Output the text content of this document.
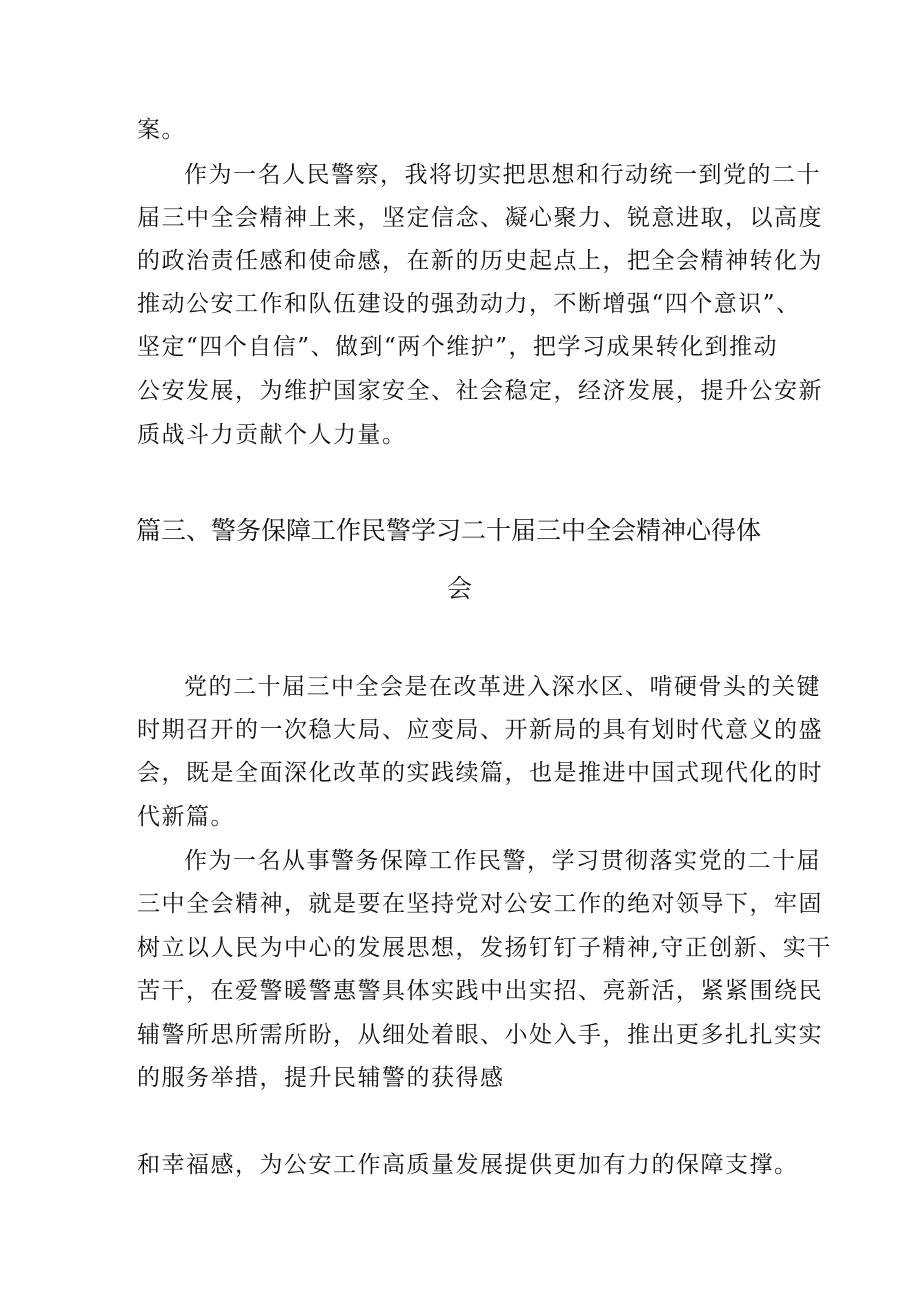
案。
作为一名人民警察，我将切实把思想和行动统一到党的二十
届三中全会精神上来，坚定信念、凝心聚力、锐意进取，以高度
的政治责任感和使命感，在新的历史起点上，把全会精神转化为
推动公安工作和队伍建设的强劲动力，不断增强“四个意识”、
坚定“四个自信”、做到“两个维护”，把学习成果转化到推动
公安发展，为维护国家安全、社会稳定，经济发展，提升公安新
质战斗力贡献个人力量。
篇三、警务保障工作民警学习二十届三中全会精神心得体
会
党的二十届三中全会是在改革进入深水区、啃硬骨头的关键
时期召开的一次稳大局、应变局、开新局的具有划时代意义的盛
会，既是全面深化改革的实践续篇，也是推进中国式现代化的时
代新篇。
作为一名从事警务保障工作民警，学习贯彻落实党的二十届
三中全会精神，就是要在坚持党对公安工作的绝对领导下，牢固
树立以人民为中心的发展思想，发扬钉钉子精神,守正创新、实干
苦干，在爱警暖警惠警具体实践中出实招、亮新活，紧紧围绕民
辅警所思所需所盼，从细处着眼、小处入手，推出更多扎扎实实
的服务举措，提升民辅警的获得感
和幸福感，为公安工作高质量发展提供更加有力的保障支撑。
